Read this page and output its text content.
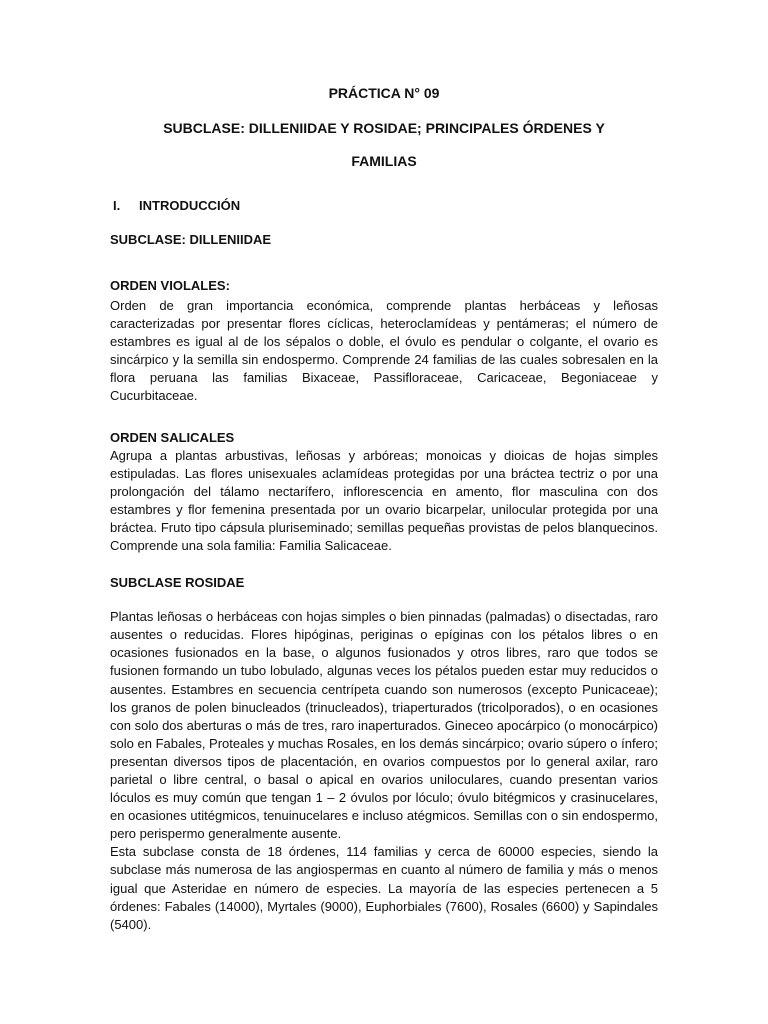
PRÁCTICA N° 09
SUBCLASE: DILLENIIDAE Y ROSIDAE; PRINCIPALES ÓRDENES Y
FAMILIAS
I.	INTRODUCCIÓN
SUBCLASE: DILLENIIDAE
ORDEN VIOLALES:

Orden de gran importancia económica, comprende plantas herbáceas y leñosas caracterizadas por presentar flores cíclicas, heteroclamídeas y pentámeras; el número de estambres es igual al de los sépalos o doble, el óvulo es pendular o colgante, el ovario es sincárpico y la semilla sin endospermo. Comprende 24 familias de las cuales sobresalen en la flora peruana las familias Bixaceae, Passifloraceae, Caricaceae, Begoniaceae y Cucurbitaceae.

ORDEN SALICALES

Agrupa a plantas arbustivas, leñosas y arbóreas; monoicas y dioicas de hojas simples estipuladas. Las flores unisexuales aclamídeas protegidas por una bráctea tectriz o por una prolongación del tálamo nectarífero, inflorescencia en amento, flor masculina con dos estambres y flor femenina presentada por un ovario bicarpelar, unilocular protegida por una bráctea. Fruto tipo cápsula pluriseminado; semillas pequeñas provistas de pelos blanquecinos. Comprende una sola familia: Familia Salicaceae.

SUBCLASE ROSIDAE

Plantas leñosas o herbáceas con hojas simples o bien pinnadas (palmadas) o disectadas, raro ausentes o reducidas. Flores hipóginas, periginas o epíginas con los pétalos libres o en ocasiones fusionados en la base, o algunos fusionados y otros libres, raro que todos se fusionen formando un tubo lobulado, algunas veces los pétalos pueden estar muy reducidos o ausentes. Estambres en secuencia centrípeta cuando son numerosos (excepto Punicaceae); los granos de polen binucleados (trinucleados), triaperturados (tricolporados), o en ocasiones con solo dos aberturas o más de tres, raro inaperturados. Gineceo apocárpico (o monocárpico) solo en Fabales, Proteales y muchas Rosales, en los demás sincárpico; ovario súpero o ínfero; presentan diversos tipos de placentación, en ovarios compuestos por lo general axilar, raro parietal o libre central, o basal o apical en ovarios uniloculares, cuando presentan varios lóculos es muy común que tengan 1 – 2 óvulos por lóculo; óvulo bitégmicos y crasinucelares, en ocasiones utitégmicos, tenuinucelares e incluso atégmicos. Semillas con o sin endospermo, pero perispermo generalmente ausente.

Esta subclase consta de 18 órdenes, 114 familias y cerca de 60000 especies, siendo la subclase más numerosa de las angiospermas en cuanto al número de familia y más o menos igual que Asteridae en número de especies. La mayoría de las especies pertenecen a 5 órdenes: Fabales (14000), Myrtales (9000), Euphorbiales (7600), Rosales (6600) y Sapindales (5400).
